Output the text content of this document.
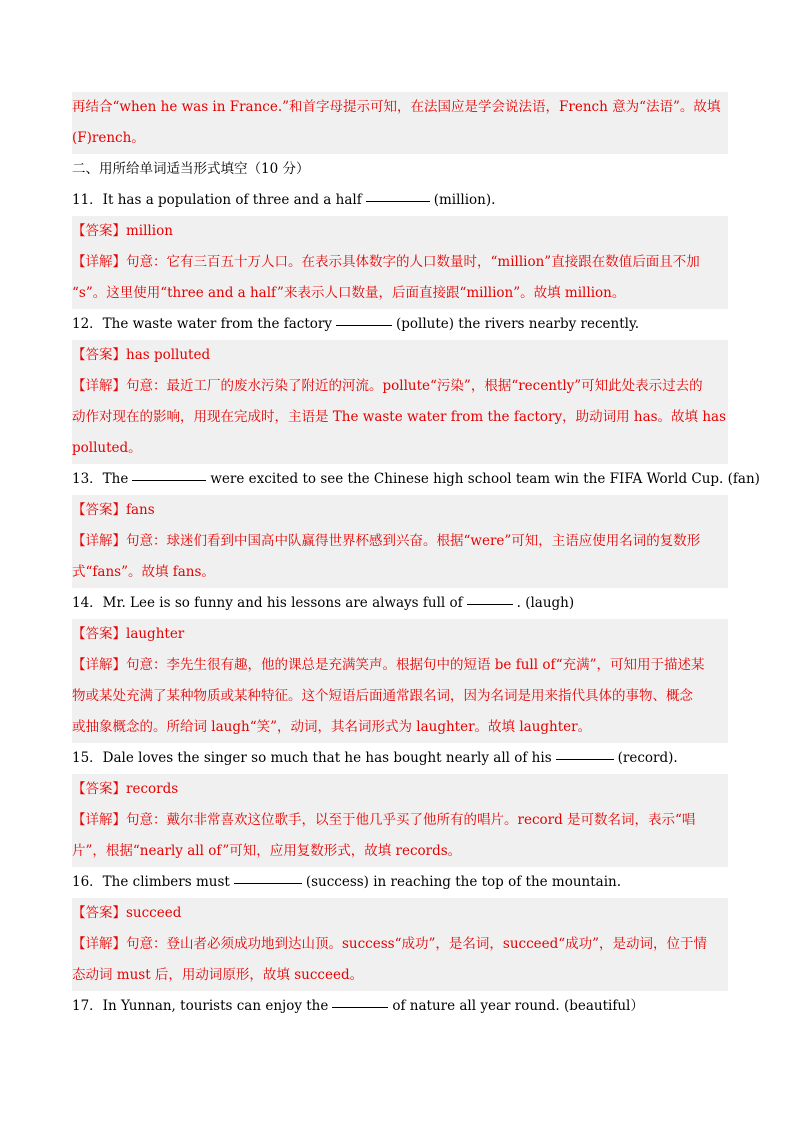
再结合“when he was in France.”和首字母提示可知，在法国应是学会说法语，French 意为“法语”。故填
(F)rench。
二、用所给单词适当形式填空（10 分）
11．It has a population of three and a half	(million).
【答案】million
【详解】句意：它有三百五十万人口。在表示具体数字的人口数量时，“million”直接跟在数值后面且不加
“s”。这里使用“three and a half”来表示人口数量，后面直接跟“million”。故填 million。
12．The waste water from the factory	(pollute) the rivers nearby recently.
【答案】has polluted
【详解】句意：最近工厂的废水污染了附近的河流。pollute“污染”，根据“recently”可知此处表示过去的
动作对现在的影响，用现在完成时，主语是 The waste water from the factory，助动词用 has。故填 has
polluted。
13．The	were excited to see the Chinese high school team win the FIFA World Cup. (fan)
【答案】fans
【详解】句意：球迷们看到中国高中队赢得世界杯感到兴奋。根据“were”可知，主语应使用名词的复数形
式“fans”。故填 fans。
14．Mr. Lee is so funny and his lessons are always full of	. (laugh)
【答案】laughter
【详解】句意：李先生很有趣，他的课总是充满笑声。根据句中的短语 be full of“充满”，可知用于描述某
物或某处充满了某种物质或某种特征。这个短语后面通常跟名词，因为名词是用来指代具体的事物、概念
或抽象概念的。所给词 laugh“笑”，动词，其名词形式为 laughter。故填 laughter。
15．Dale loves the singer so much that he has bought nearly all of his	(record).
【答案】records
【详解】句意：戴尔非常喜欢这位歌手，以至于他几乎买了他所有的唱片。record 是可数名词，表示“唱
片”，根据“nearly all of”可知，应用复数形式，故填 records。
16．The climbers must	(success) in reaching the top of the mountain.
【答案】succeed
【详解】句意：登山者必须成功地到达山顶。success“成功”，是名词，succeed“成功”，是动词，位于情
态动词 must 后，用动词原形，故填 succeed。
17．In Yunnan, tourists can enjoy the	of nature all year round. (beautiful）
